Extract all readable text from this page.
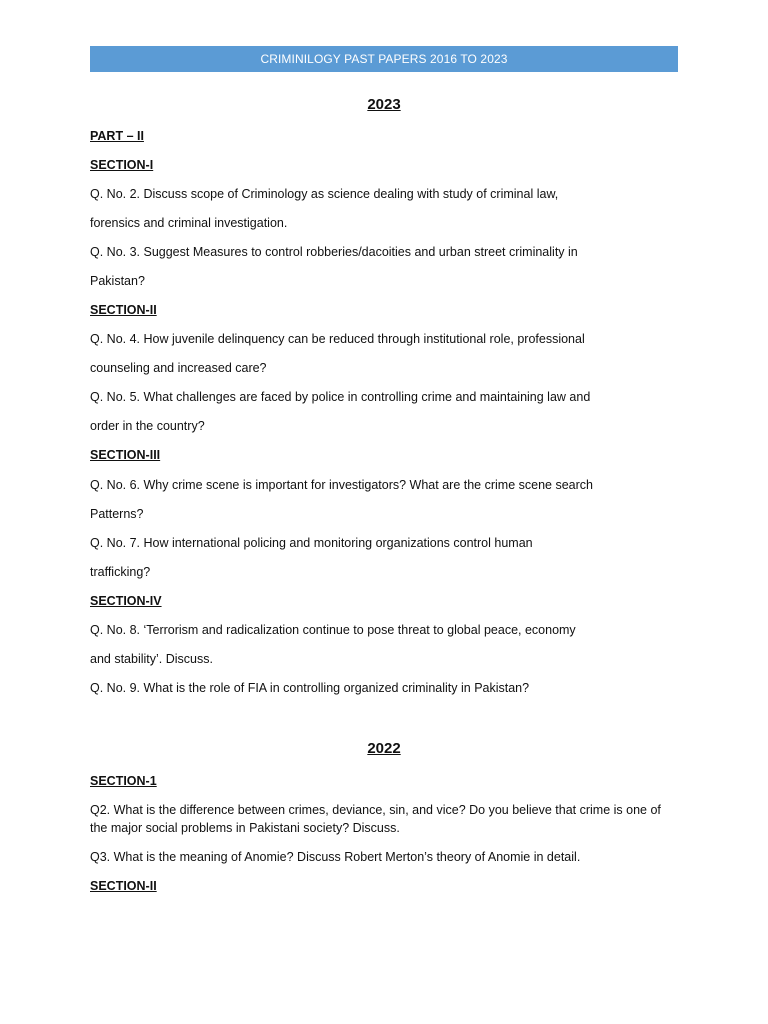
CRIMINILOGY PAST PAPERS 2016 TO 2023
2023
PART – II
SECTION-I
Q. No. 2. Discuss scope of Criminology as science dealing with study of criminal law,
forensics and criminal investigation.
Q. No. 3. Suggest Measures to control robberies/dacoities and urban street criminality in
Pakistan?
SECTION-II
Q. No. 4. How juvenile delinquency can be reduced through institutional role, professional
counseling and increased care?
Q. No. 5. What challenges are faced by police in controlling crime and maintaining law and
order in the country?
SECTION-III
Q. No. 6. Why crime scene is important for investigators? What are the crime scene search
Patterns?
Q. No. 7. How international policing and monitoring organizations control human
trafficking?
SECTION-IV
Q. No. 8. ‘Terrorism and radicalization continue to pose threat to global peace, economy
and stability’. Discuss.
Q. No. 9. What is the role of FIA in controlling organized criminality in Pakistan?
2022
SECTION-1
Q2. What is the difference between crimes, deviance, sin, and vice? Do you believe that crime is one of the major social problems in Pakistani society? Discuss.
Q3. What is the meaning of Anomie? Discuss Robert Merton’s theory of Anomie in detail.
SECTION-II
